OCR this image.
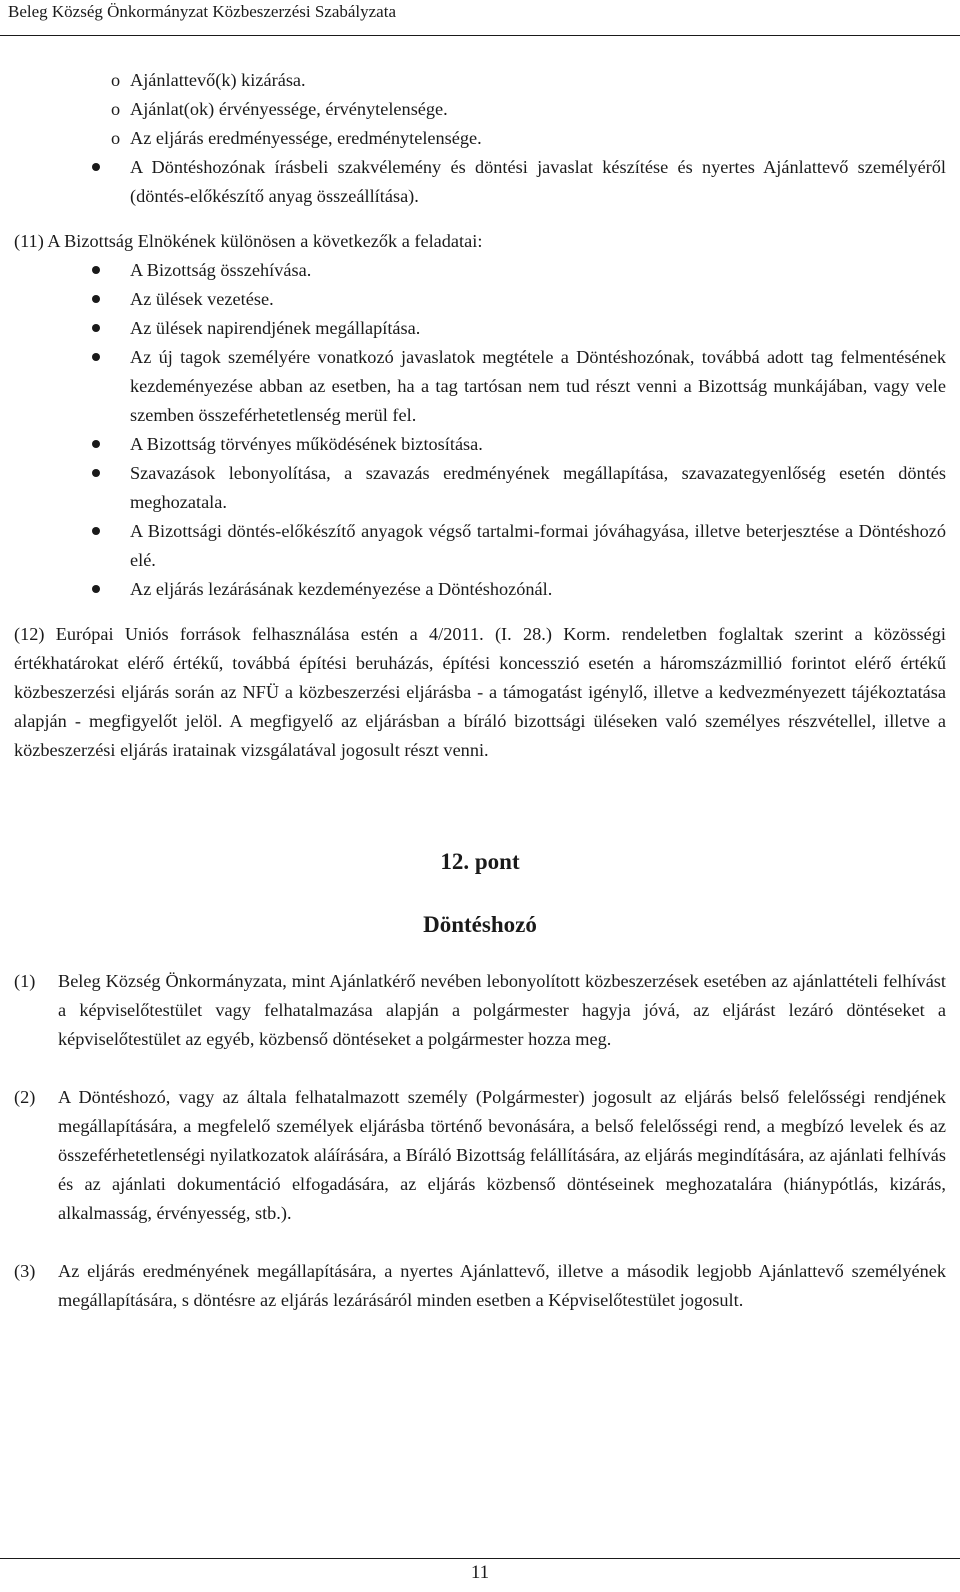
Beleg Község Önkormányzat Közbeszerzési Szabályzata
o Ajánlattevő(k) kizárása.
o Ajánlat(ok) érvényessége, érvénytelensége.
o Az eljárás eredményessége, eredménytelensége.
A Döntéshozónak írásbeli szakvélemény és döntési javaslat készítése és nyertes Ajánlattevő személyéről (döntés-előkészítő anyag összeállítása).

(11) A Bizottság Elnökének különösen a következők a feladatai:

A Bizottság összehívása.
Az ülések vezetése.
Az ülések napirendjének megállapítása.
Az új tagok személyére vonatkozó javaslatok megtétele a Döntéshozónak, továbbá adott tag felmentésének kezdeményezése abban az esetben, ha a tag tartósan nem tud részt venni a Bizottság munkájában, vagy vele szemben összeférhetetlenség merül fel.
A Bizottság törvényes működésének biztosítása.
Szavazások lebonyolítása, a szavazás eredményének megállapítása, szavazategyenlőség esetén döntés meghozatala.
A Bizottsági döntés-előkészítő anyagok végső tartalmi-formai jóváhagyása, illetve beterjesztése a Döntéshozó elé.
Az eljárás lezárásának kezdeményezése a Döntéshozónál.

(12) Európai Uniós források felhasználása estén a 4/2011. (I. 28.) Korm. rendeletben foglaltak szerint a közösségi értékhatárokat elérő értékű, továbbá építési beruházás, építési koncesszió esetén a háromszázmillió forintot elérő értékű közbeszerzési eljárás során az NFÜ a közbeszerzési eljárásba - a támogatást igénylő, illetve a kedvezményezett tájékoztatása alapján - megfigyelőt jelöl. A megfigyelő az eljárásban a bíráló bizottsági üléseken való személyes részvétellel, illetve a közbeszerzési eljárás iratainak vizsgálatával jogosult részt venni.

12. pont

Döntéshozó

(1) Beleg Község Önkormányzata, mint Ajánlatkérő nevében lebonyolított közbeszerzések esetében az ajánlattételi felhívást a képviselőtestület vagy felhatalmazása alapján a polgármester hagyja jóvá, az eljárást lezáró döntéseket a képviselőtestület az egyéb, közbenső döntéseket a polgármester hozza meg.

(2) A Döntéshozó, vagy az általa felhatalmazott személy (Polgármester) jogosult az eljárás belső felelősségi rendjének megállapítására, a megfelelő személyek eljárásba történő bevonására, a belső felelősségi rend, a megbízó levelek és az összeférhetetlenségi nyilatkozatok aláírására, a Bíráló Bizottság felállítására, az eljárás megindítására, az ajánlati felhívás és az ajánlati dokumentáció elfogadására, az eljárás közbenső döntéseinek meghozatalára (hiánypótlás, kizárás, alkalmasság, érvényesség, stb.).

(3) Az eljárás eredményének megállapítására, a nyertes Ajánlattevő, illetve a második legjobb Ajánlattevő személyének megállapítására, s döntésre az eljárás lezárásáról minden esetben a Képviselőtestület jogosult.

11
